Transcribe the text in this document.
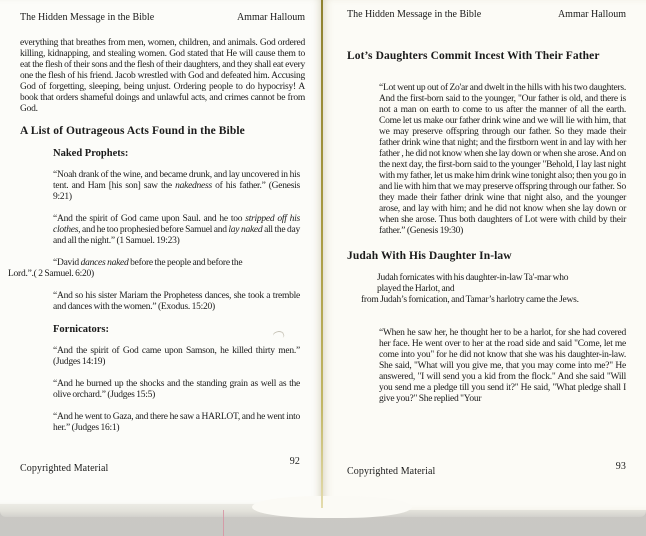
The Hidden Message in the Bible	Ammar Halloum

everything that breathes from men, women, children, and animals. God ordered killing, kidnapping, and stealing women. God stated that He will cause them to eat the flesh of their sons and the flesh of their daughters, and they shall eat every one the flesh of his friend. Jacob wrestled with God and defeated him. Accusing God of forgetting, sleeping, being unjust. Ordering people to do hypocrisy! A book that orders shameful doings and unlawful acts, and crimes cannot be from God.

A List of Outrageous Acts Found in the Bible
Naked Prophets:

“Noah drank of the wine, and became drunk, and lay uncovered in his tent. and Ham [his son] saw the nakedness of his father.” (Genesis 9:21)

“And the spirit of God came upon Saul. and he too stripped off his clothes, and he too prophesied before Samuel and lay naked all the day and all the night.” (1 Samuel. 19:23)

“David dances naked before the people and before the
Lord.”.( 2 Samuel. 6:20)

“And so his sister Mariam the Prophetess dances, she took a tremble and dances with the women.” (Exodus. 15:20)

Fornicators:

“And the spirit of God came upon Samson, he killed thirty men.” (Judges 14:19)

“And he burned up the shocks and the standing grain as well as the olive orchard.” (Judges 15:5)

“And he went to Gaza, and there he saw a HARLOT, and he went into her.” (Judges 16:1)

Copyrighted Material
92
The Hidden Message in the Bible	Ammar Halloum
Lot’s Daughters Commit Incest With Their Father

“Lot went up out of Zo'ar and dwelt in the hills with his two daughters. And the first-born said to the younger, "Our father is old, and there is not a man on earth to come to us after the manner of all the earth. Come let us make our father drink wine and we will lie with him, that we may preserve offspring through our father. So they made their father drink wine that night; and the firstborn went in and lay with her father , he did not know when she lay down or when she arose. And on the next day, the first-born said to the younger "Behold, I lay last night with my father, let us make him drink wine tonight also; then you go in and lie with him that we may preserve offspring through our father. So they made their father drink wine that night also, and the younger arose, and lay with him; and he did not know when she lay down or when she arose. Thus both daughters of Lot were with child by their father.” (Genesis 19:30)

Judah With His Daughter In-law

Judah fornicates with his daughter-in-law Ta'-mar who
played the Harlot, and
from Judah’s fornication, and Tamar’s harlotry came the Jews.

“When he saw her, he thought her to be a harlot, for she had covered her face. He went over to her at the road side and said "Come, let me come into you" for he did not know that she was his daughter-in-law. She said, "What will you give me, that you may come into me?" He answered, "I will send you a kid from the flock." And she said "Will you send me a pledge till you send it?" He said, "What pledge shall I give you?" She replied "Your

Copyrighted Material	93
